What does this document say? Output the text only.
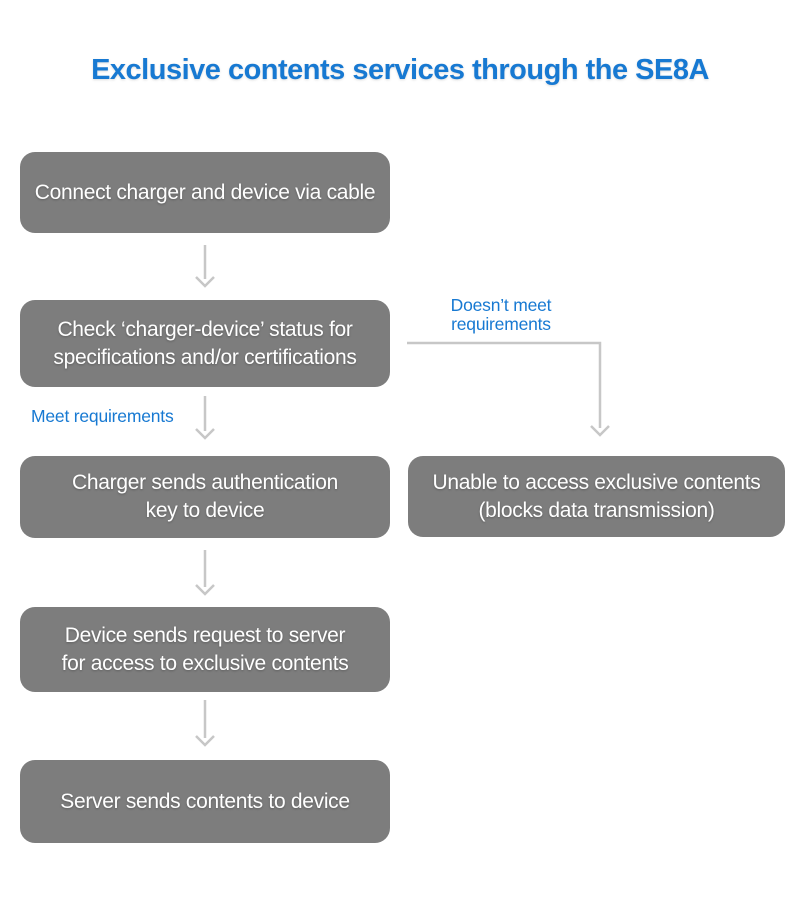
Exclusive contents services through the SE8A
Connect charger and device via cable
Check ‘charger-device’ status for
specifications and/or certifications
Charger sends authentication
key to device
Device sends request to server
for access to exclusive contents
Server sends contents to device
Unable to access exclusive contents
(blocks data transmission)
Meet requirements
Doesn’t meet
requirements
